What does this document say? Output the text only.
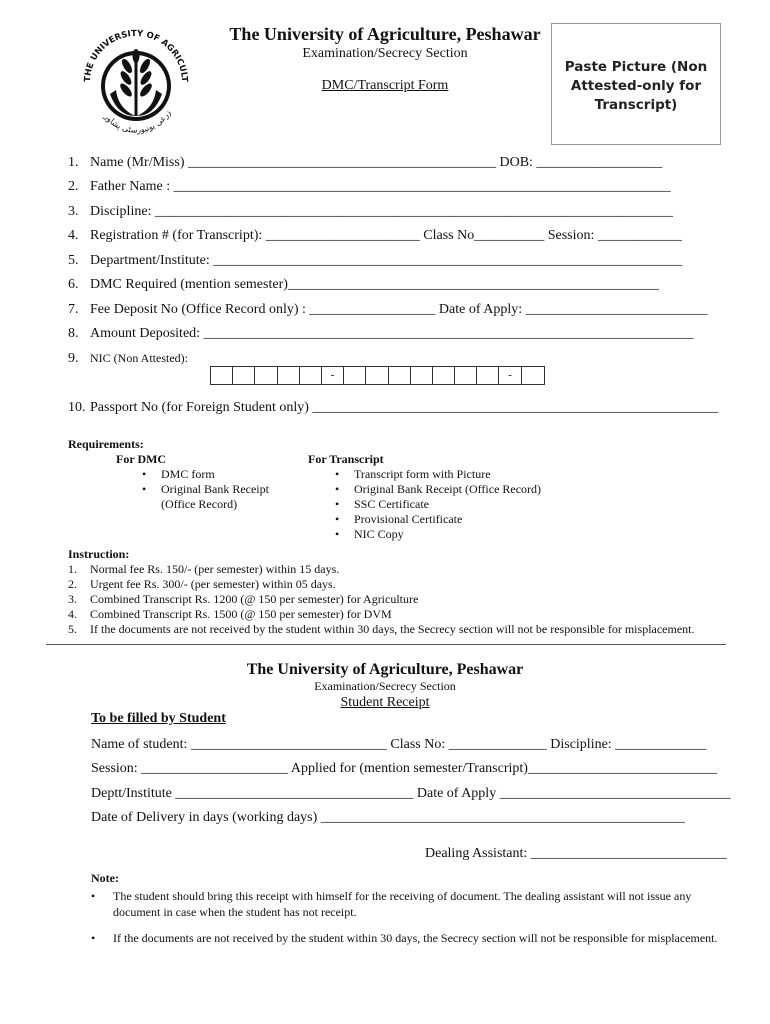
THE UNIVERSITY OF AGRICULT
زرعی یونیورسٹی پشاور
The University of Agriculture, Peshawar
Examination/Secrecy Section
DMC/Transcript Form
Paste Picture (Non Attested-only for Transcript)
1. Name (Mr/Miss) ____________________________________________ DOB: __________________
2. Father Name : _______________________________________________________________________
3. Discipline: __________________________________________________________________________
4. Registration # (for Transcript): ______________________ Class No__________ Session: ____________
5. Department/Institute: ___________________________________________________________________
6. DMC Required (mention semester)_____________________________________________________
7. Fee Deposit No (Office Record only) : __________________ Date of Apply: __________________________
8. Amount Deposited: ______________________________________________________________________
9. NIC (Non Attested):
-	-
10. Passport No (for Foreign Student only) __________________________________________________________
Requirements:
For DMC
• DMC form
• Original Bank Receipt
(Office Record)
For Transcript
• Transcript form with Picture
• Original Bank Receipt (Office Record)
• SSC Certificate
• Provisional Certificate
• NIC Copy
Instruction:
1. Normal fee Rs. 150/- (per semester) within 15 days.
2. Urgent fee Rs. 300/- (per semester) within 05 days.
3. Combined Transcript Rs. 1200 (@ 150 per semester) for Agriculture
4. Combined Transcript Rs. 1500 (@ 150 per semester) for DVM
5. If the documents are not received by the student within 30 days, the Secrecy section will not be responsible for misplacement.
The University of Agriculture, Peshawar
Examination/Secrecy Section
Student Receipt
To be filled by Student
Name of student: ____________________________ Class No: ______________ Discipline: _____________
Session: _____________________ Applied for (mention semester/Transcript)___________________________
Deptt/Institute __________________________________ Date of Apply _________________________________
Date of Delivery in days (working days) ____________________________________________________
Dealing Assistant: ____________________________
Note:
• The student should bring this receipt with himself for the receiving of document. The dealing assistant will not issue any document in case when the student has not receipt.
• If the documents are not received by the student within 30 days, the Secrecy section will not be responsible for misplacement.
